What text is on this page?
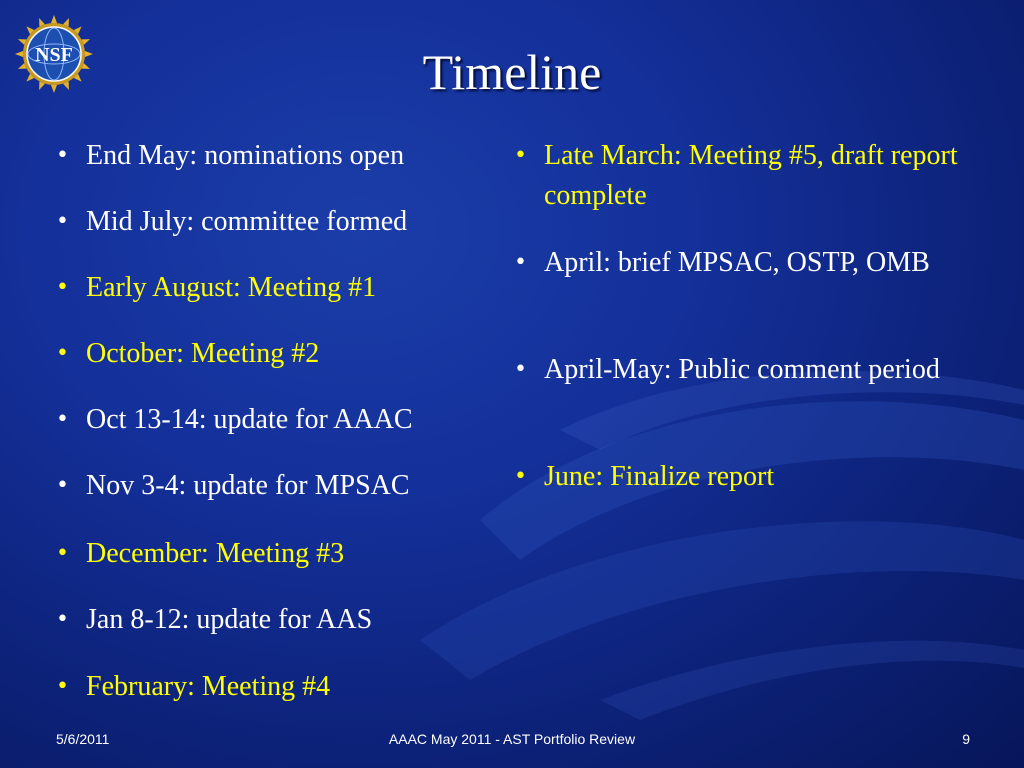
NSF	Timeline
• End May: nominations open
• Mid July: committee formed
• Early August: Meeting #1
• October: Meeting #2
• Oct 13-14: update for AAAC
• Nov 3-4: update for MPSAC
• December: Meeting #3
• Jan 8-12: update for AAS
• February: Meeting #4
• Late March: Meeting #5, draft report complete
• April: brief MPSAC, OSTP, OMB
• April-May: Public comment period
• June: Finalize report
5/6/2011	AAAC May 2011 - AST Portfolio Review	9
